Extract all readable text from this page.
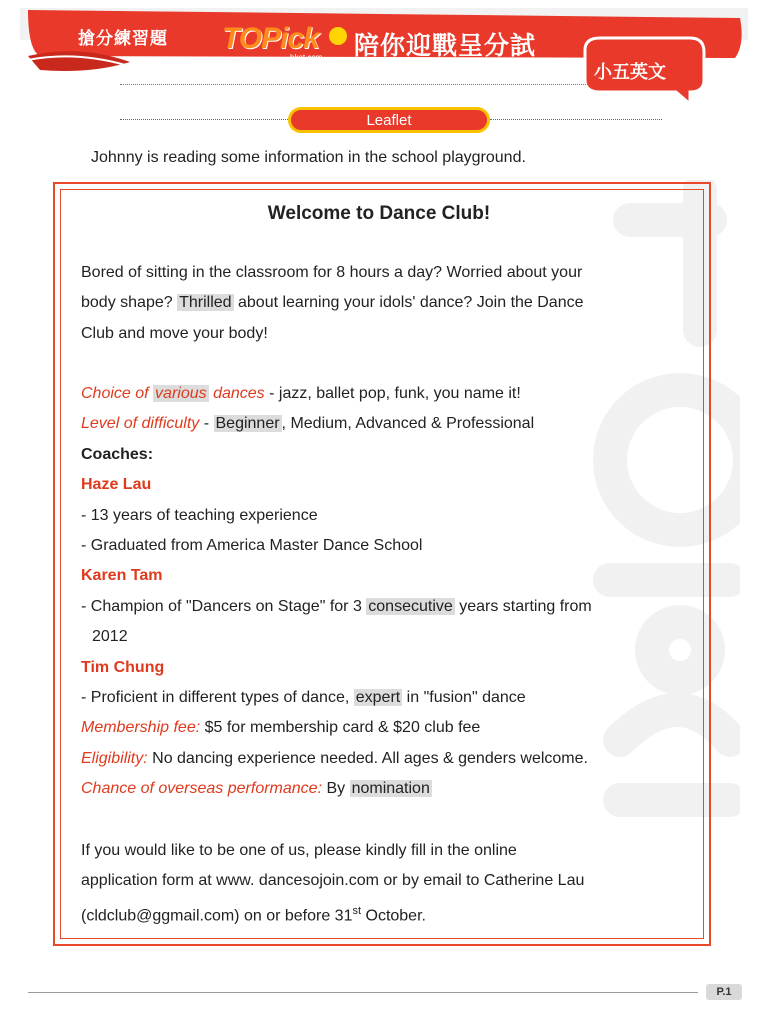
搶分練習題 TOPick
hket.com 陪你迎戰呈分試
小五英文
Leaflet
Johnny is reading some information in the school playground.
Welcome to Dance Club!
Bored of sitting in the classroom for 8 hours a day? Worried about your
body shape? Thrilled about learning your idols' dance? Join the Dance
Club and move your body!
Choice of various dances - jazz, ballet pop, funk, you name it!
Level of difficulty - Beginner , Medium, Advanced & Professional
Coaches:
Haze Lau
- 13 years of teaching experience
- Graduated from America Master Dance School
Karen Tam
- Champion of "Dancers on Stage" for 3 consecutive years starting from
2012
Tim Chung
- Proficient in different types of dance, expert in "fusion" dance
Membership fee: $5 for membership card & $20 club fee
Eligibility: No dancing experience needed. All ages & genders welcome.
Chance of overseas performance: By nomination
If you would like to be one of us, please kindly fill in the online
application form at www. dancesojoin.com or by email to Catherine Lau
(cldclub@ggmail.com) on or before 31st October.
P.1
